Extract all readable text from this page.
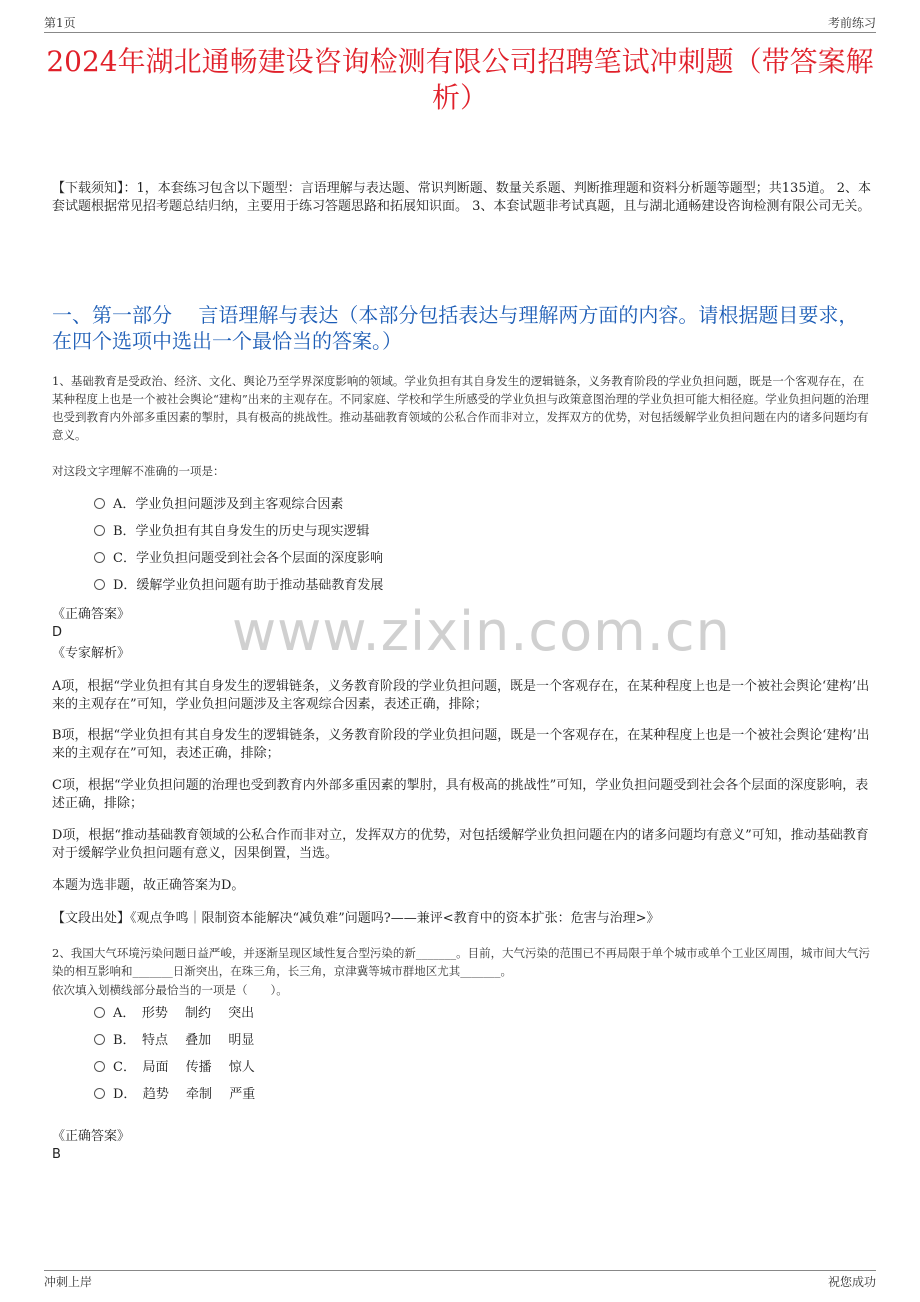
第1页	考前练习
2024年湖北通畅建设咨询检测有限公司招聘笔试冲刺题（带答案解析）
【下载须知】：1，本套练习包含以下题型：言语理解与表达题、常识判断题、数量关系题、判断推理题和资料分析题等题型；共135道。 2、本套试题根据常见招考题总结归纳，主要用于练习答题思路和拓展知识面。 3、本套试题非考试真题，且与湖北通畅建设咨询检测有限公司无关。
一、第一部分　 言语理解与表达（本部分包括表达与理解两方面的内容。请根据题目要求，在四个选项中选出一个最恰当的答案。）
1、基础教育是受政治、经济、文化、舆论乃至学界深度影响的领域。学业负担有其自身发生的逻辑链条，义务教育阶段的学业负担问题，既是一个客观存在，在某种程度上也是一个被社会舆论“建构”出来的主观存在。不同家庭、学校和学生所感受的学业负担与政策意图治理的学业负担可能大相径庭。学业负担问题的治理也受到教育内外部多重因素的掣肘，具有极高的挑战性。推动基础教育领域的公私合作而非对立，发挥双方的优势，对包括缓解学业负担问题在内的诸多问题均有意义。
对这段文字理解不准确的一项是：
A．学业负担问题涉及到主客观综合因素
B．学业负担有其自身发生的历史与现实逻辑
C．学业负担问题受到社会各个层面的深度影响
D．缓解学业负担问题有助于推动基础教育发展
《正确答案》
D
《专家解析》 www.zixin.com.cn
A项，根据“学业负担有其自身发生的逻辑链条，义务教育阶段的学业负担问题，既是一个客观存在，在某种程度上也是一个被社会舆论‘建构’出来的主观存在”可知，学业负担问题涉及主客观综合因素，表述正确，排除；
B项，根据“学业负担有其自身发生的逻辑链条，义务教育阶段的学业负担问题，既是一个客观存在，在某种程度上也是一个被社会舆论‘建构’出来的主观存在”可知，表述正确，排除；
C项，根据“学业负担问题的治理也受到教育内外部多重因素的掣肘，具有极高的挑战性”可知，学业负担问题受到社会各个层面的深度影响，表述正确，排除；
D项，根据“推动基础教育领域的公私合作而非对立，发挥双方的优势，对包括缓解学业负担问题在内的诸多问题均有意义”可知，推动基础教育对于缓解学业负担问题有意义，因果倒置，当选。
本题为选非题，故正确答案为D。
【文段出处】《观点争鸣｜限制资本能解决“减负难”问题吗?——兼评<教育中的资本扩张：危害与治理>》
2、我国大气环境污染问题日益严峻，并逐渐呈现区域性复合型污染的新_______。目前，大气污染的范围已不再局限于单个城市或单个工业区周围，城市间大气污染的相互影响和_______日渐突出，在珠三角，长三角，京津冀等城市群地区尤其_______。
依次填入划横线部分最恰当的一项是（　　）。
A．　形势　 制约　 突出
B．　特点　 叠加　 明显
C．　局面　 传播　 惊人
D．　趋势　 牵制　 严重
《正确答案》
B
冲刺上岸	祝您成功
